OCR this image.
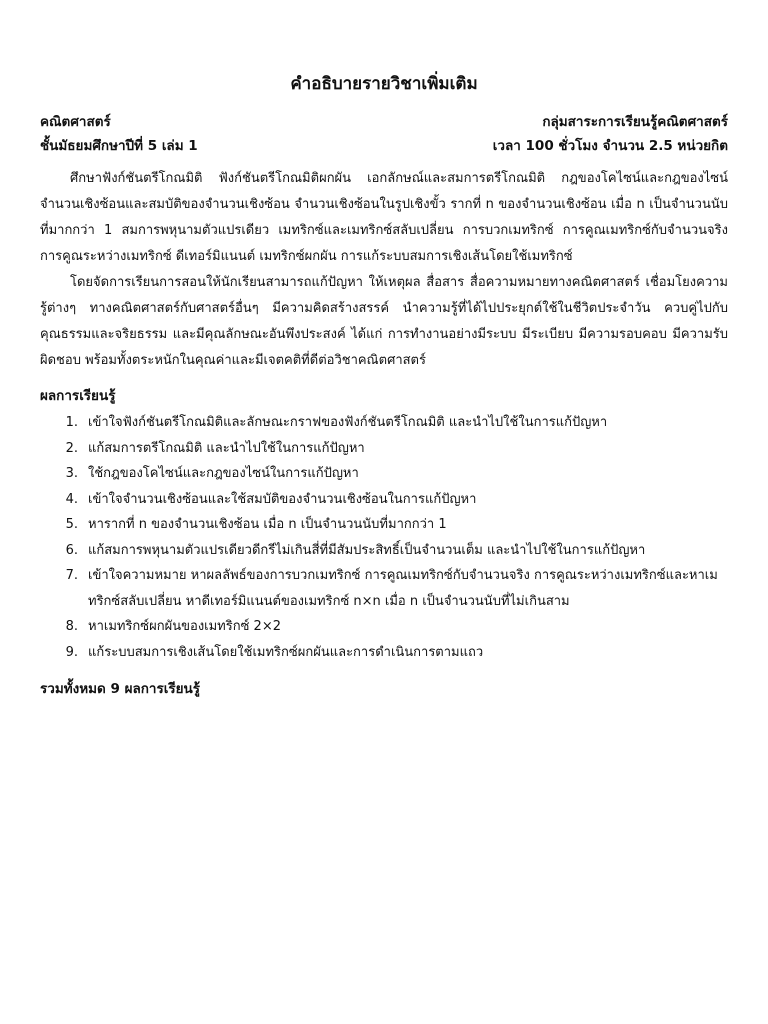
คำอธิบายรายวิชาเพิ่มเติม
คณิตศาสตร์	กลุ่มสาระการเรียนรู้คณิตศาสตร์
ชั้นมัธยมศึกษาปีที่ 5 เล่ม 1	เวลา 100 ชั่วโมง จำนวน 2.5 หน่วยกิต

ศึกษาฟังก์ชันตรีโกณมิติ ฟังก์ชันตรีโกณมิติผกผัน เอกลักษณ์และสมการตรีโกณมิติ กฎของโคไซน์และกฎของไซน์ จำนวนเชิงซ้อนและสมบัติของจำนวนเชิงซ้อน จำนวนเชิงซ้อนในรูปเชิงขั้ว รากที่ n ของจำนวนเชิงซ้อน เมื่อ n เป็นจำนวนนับที่มากกว่า 1 สมการพหุนามตัวแปรเดียว เมทริกซ์และเมทริกซ์สลับเปลี่ยน การบวกเมทริกซ์ การคูณเมทริกซ์กับจำนวนจริง การคูณระหว่างเมทริกซ์ ดีเทอร์มิแนนต์ เมทริกซ์ผกผัน การแก้ระบบสมการเชิงเส้นโดยใช้เมทริกซ์

โดยจัดการเรียนการสอนให้นักเรียนสามารถแก้ปัญหา ให้เหตุผล สื่อสาร สื่อความหมายทางคณิตศาสตร์ เชื่อมโยงความรู้ต่างๆ ทางคณิตศาสตร์กับศาสตร์อื่นๆ มีความคิดสร้างสรรค์ นำความรู้ที่ได้ไปประยุกต์ใช้ในชีวิตประจำวัน ควบคู่ไปกับคุณธรรมและจริยธรรม และมีคุณลักษณะอันพึงประสงค์ ได้แก่ การทำงานอย่างมีระบบ มีระเบียบ มีความรอบคอบ มีความรับผิดชอบ พร้อมทั้งตระหนักในคุณค่าและมีเจตคติที่ดีต่อวิชาคณิตศาสตร์

ผลการเรียนรู้
1. เข้าใจฟังก์ชันตรีโกณมิติและลักษณะกราฟของฟังก์ชันตรีโกณมิติ และนำไปใช้ในการแก้ปัญหา
2. แก้สมการตรีโกณมิติ และนำไปใช้ในการแก้ปัญหา
3. ใช้กฎของโคไซน์และกฎของไซน์ในการแก้ปัญหา
4. เข้าใจจำนวนเชิงซ้อนและใช้สมบัติของจำนวนเชิงซ้อนในการแก้ปัญหา
5. หารากที่ n ของจำนวนเชิงซ้อน เมื่อ n เป็นจำนวนนับที่มากกว่า 1
6. แก้สมการพหุนามตัวแปรเดียวดีกรีไม่เกินสี่ที่มีสัมประสิทธิ์เป็นจำนวนเต็ม และนำไปใช้ในการแก้ปัญหา
7. เข้าใจความหมาย หาผลลัพธ์ของการบวกเมทริกซ์ การคูณเมทริกซ์กับจำนวนจริง การคูณระหว่างเมทริกซ์และหาเมทริกซ์สลับเปลี่ยน หาดีเทอร์มิแนนต์ของเมทริกซ์ n×n เมื่อ n เป็นจำนวนนับที่ไม่เกินสาม
8. หาเมทริกซ์ผกผันของเมทริกซ์ 2×2
9. แก้ระบบสมการเชิงเส้นโดยใช้เมทริกซ์ผกผันและการดำเนินการตามแถว
รวมทั้งหมด 9 ผลการเรียนรู้
